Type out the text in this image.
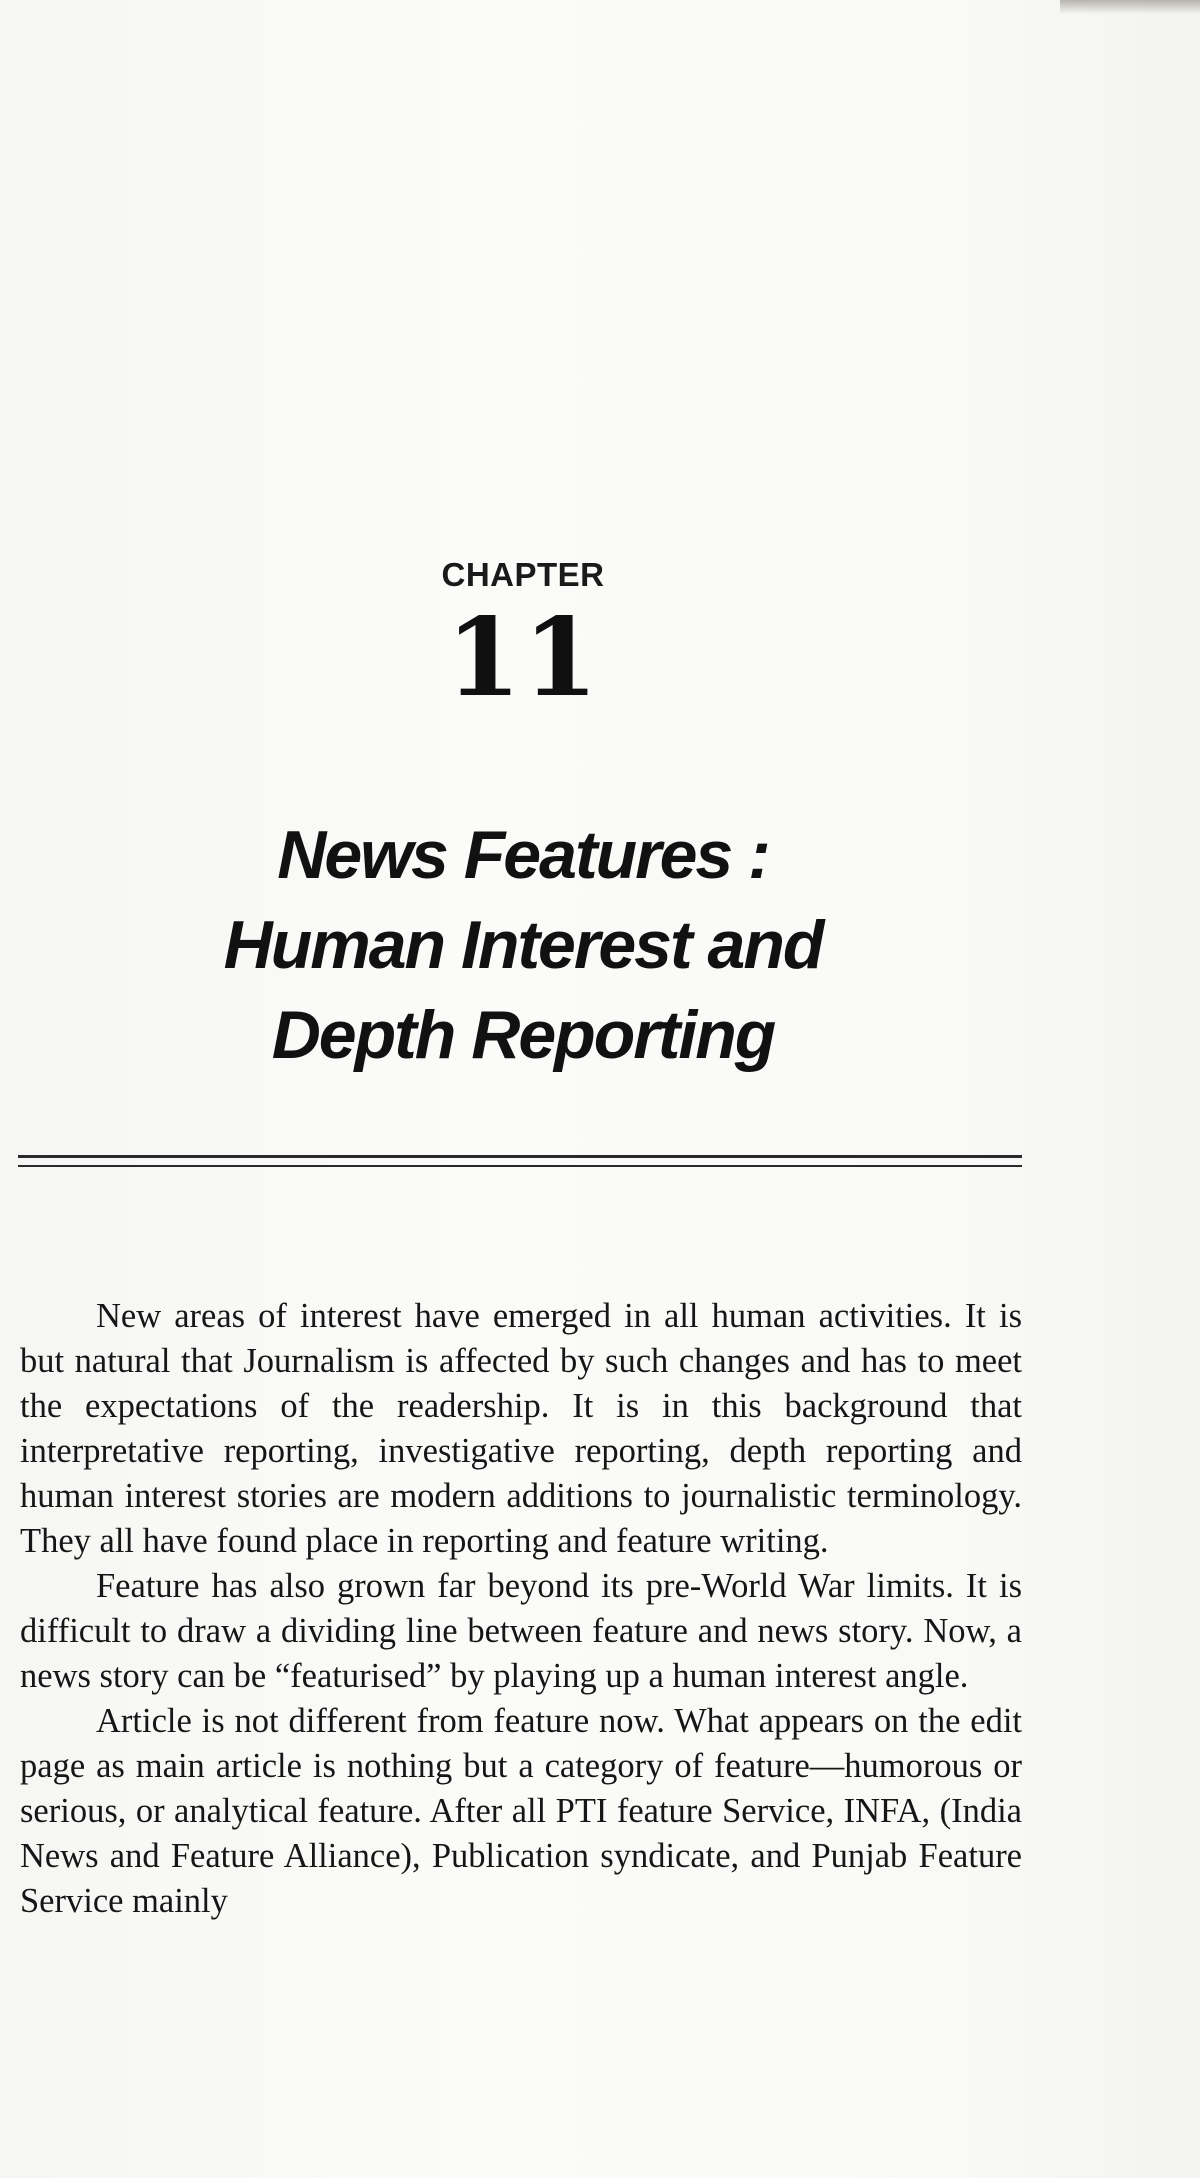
CHAPTER
11
News Features :
Human Interest and
Depth Reporting

New areas of interest have emerged in all human activities. It is but natural that Journalism is affected by such changes and has to meet the expectations of the readership. It is in this background that interpretative reporting, investigative reporting, depth reporting and human interest stories are modern additions to journalistic terminology. They all have found place in reporting and feature writing.

Feature has also grown far beyond its pre-World War limits. It is difficult to draw a dividing line between feature and news story. Now, a news story can be “featurised” by playing up a human interest angle.

Article is not different from feature now. What appears on the edit page as main article is nothing but a category of feature—humorous or serious, or analytical feature. After all PTI feature Service, INFA, (India News and Feature Alliance), Publication syndicate, and Punjab Feature Service mainly
